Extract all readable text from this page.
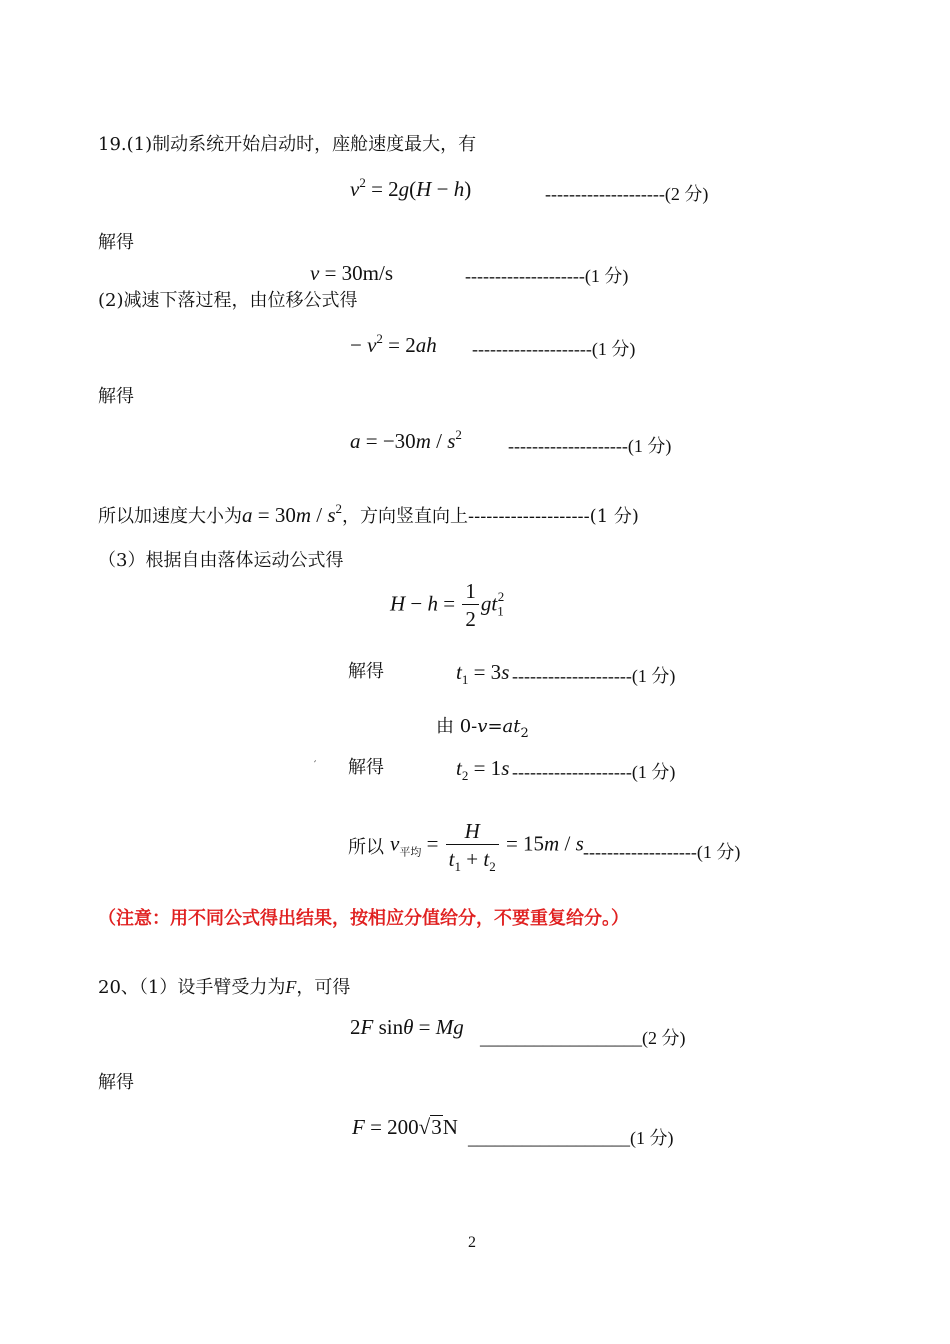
19.(1)制动系统开始启动时，座舱速度最大，有
$v^2 = 2g(H - h)$	--------------------(2 分)
解得
v = 30m/s	--------------------(1 分)
(2)减速下落过程，由位移公式得
− $v^2 = 2ah$ --------------------(1 分)
解得
$a = -30m / s^2$
--------------------(1 分)
所以加速度大小为$a = 30m / s^2$，方向竖直向上--------------------(1 分)
（3）根据自由落体运动公式得
$H - h = \frac{1}{2} gt_1^2$
解得	$t_1 = 3s$ --------------------(1 分)
由 $0-v=at_2$
′ 解得	$t_2 = 1s$ --------------------(1 分)
所以 $v_{平均} = \frac{H}{t_1 + t_2} = 15m / s$ -------------------(1 分)
（注意：用不同公式得出结果，按相应分值给分，不要重复给分。）
20、（1）设手臂受力为F，可得
2F sinθ = Mg __________________(2 分)
解得
F = 200√3N __________________(1 分)
2
